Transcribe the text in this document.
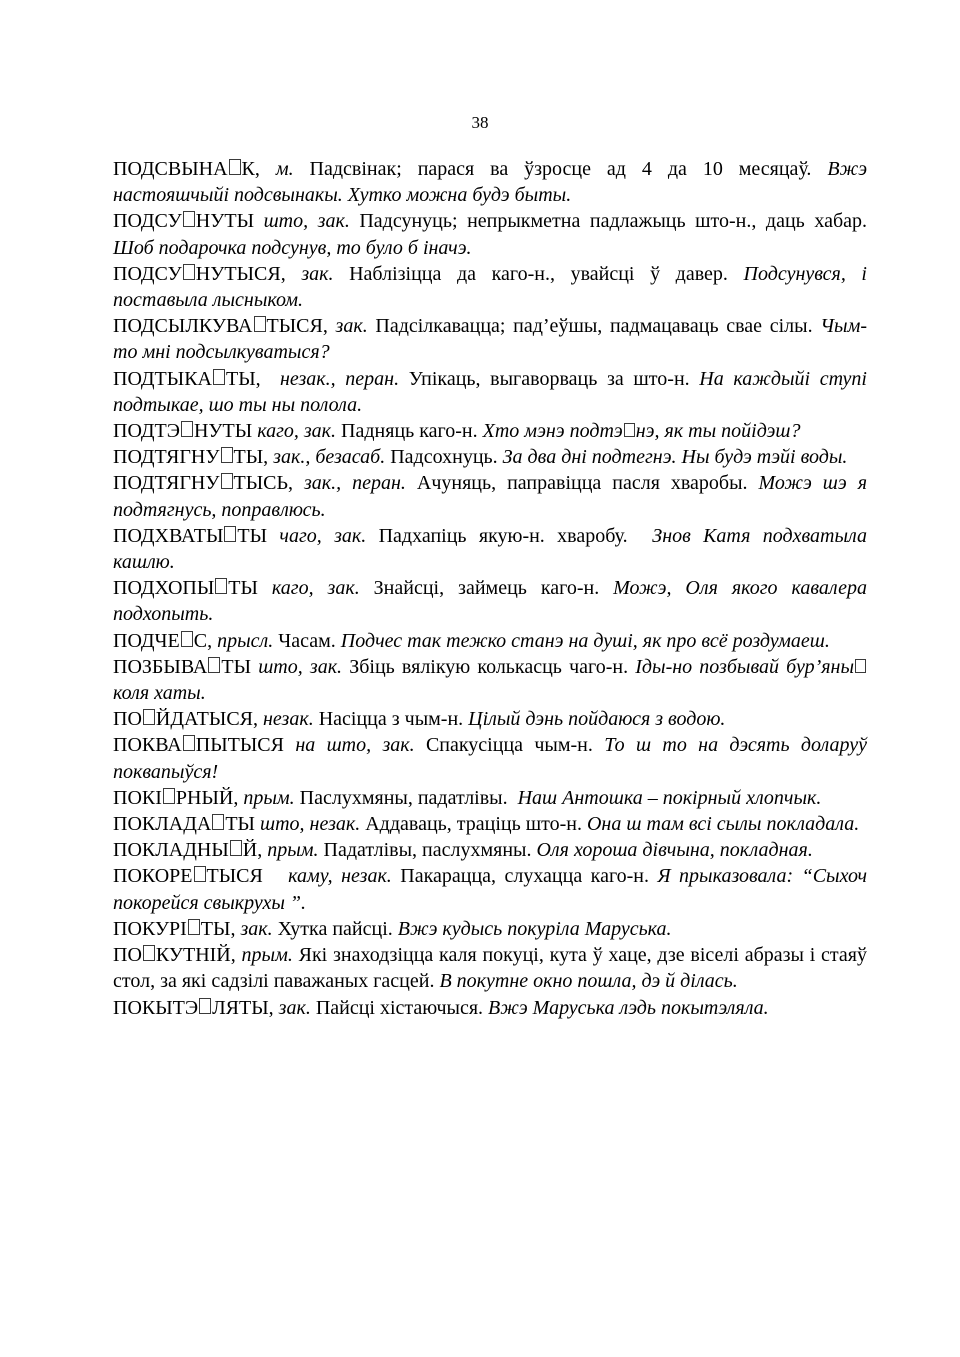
38

ПОДСВЫНА К, м. Падсвінак; парася ва ўзросце ад 4 да 10 месяцаў. Вжэ настояшчыйі подсвынакы. Хутко можна будэ быты.

ПОДСУ НУТЫ што, зак. Падсунуць; непрыкметна падлажыць што-н., даць хабар. Шоб подарочка подсунув, то було б іначэ.

ПОДСУ НУТЫСЯ, зак. Наблізіцца да каго-н., увайсці ў давер. Подсунувся, і поставыла лысныком.

ПОДСЫЛКУВА ТЫСЯ, зак. Падсілкавацца; пад’еўшы, падмацаваць свае сілы. Чым-то мні подсылкуватыся?

ПОДТЫКА ТЫ,  незак., перан. Упікаць, выгаворваць за што-н. На каждыйі ступі подтыкае, шо ты ны полола.

ПОДТЭ НУТЫ каго, зак. Падняць каго-н. Хто мэнэ подтэ нэ, як ты пойідэш?

ПОДТЯГНУ ТЫ, зак., безасаб. Падсохнуць. За два дні подтегнэ. Ны будэ тэйі воды.

ПОДТЯГНУ ТЫСЬ, зак., перан. Ачуняць, паправіцца пасля хваробы. Можэ шэ я подтягнусь, поправлюсь.

ПОДХВАТЫ ТЫ чаго, зак. Падхапіць якую-н. хваробу.  Знов Катя подхватыла кашлю.

ПОДХОПЫ ТЫ каго, зак. Знайсці, займець каго-н. Можэ, Оля якого кавалера подхопыть.

ПОДЧЕ С, прысл. Часам. Подчес так тежко станэ на душі, як про всё роздумаеш.

ПОЗБЫВА ТЫ што, зак. Збіць вялікую колькасць чаго-н. Іды-но позбывай бур’яны коля хаты.

ПО ЙДАТЫСЯ, незак. Насіцца з чым-н. Цілый дэнь пойдаюся з водою.

ПОКВА ПЫТЫСЯ на што, зак. Спакусіцца чым-н. То ш то на дэсять доларуў поквапыўся!

ПОКІ РНЫЙ, прым. Паслухмяны, падатлівы.  Наш Антошка – покірный хлопчык.

ПОКЛАДА ТЫ што, незак. Аддаваць, траціць што-н. Она ш там всі сылы покладала.

ПОКЛАДНЫ Й, прым. Падатлівы, паслухмяны. Оля хороша дівчына, покладная.

ПОКОРЕ ТЫСЯ   каму, незак. Пакарацца, слухацца каго-н. Я прыказовала: “Сыхоч покорейся свыкрухы ”.

ПОКУРІ ТЫ, зак. Хутка пайсці. Вжэ кудысь покуріла Маруська.

ПО КУТНІЙ, прым. Які знаходзіцца каля покуці, кута ў хаце, дзе віселі абразы і стаяў стол, за які садзілі паважаных гасцей. В покутне окно пошла, дэ й ділась.

ПОКЫТЭ ЛЯТЫ, зак. Пайсці хістаючыся. Вжэ Маруська лэдь покытэляла.
